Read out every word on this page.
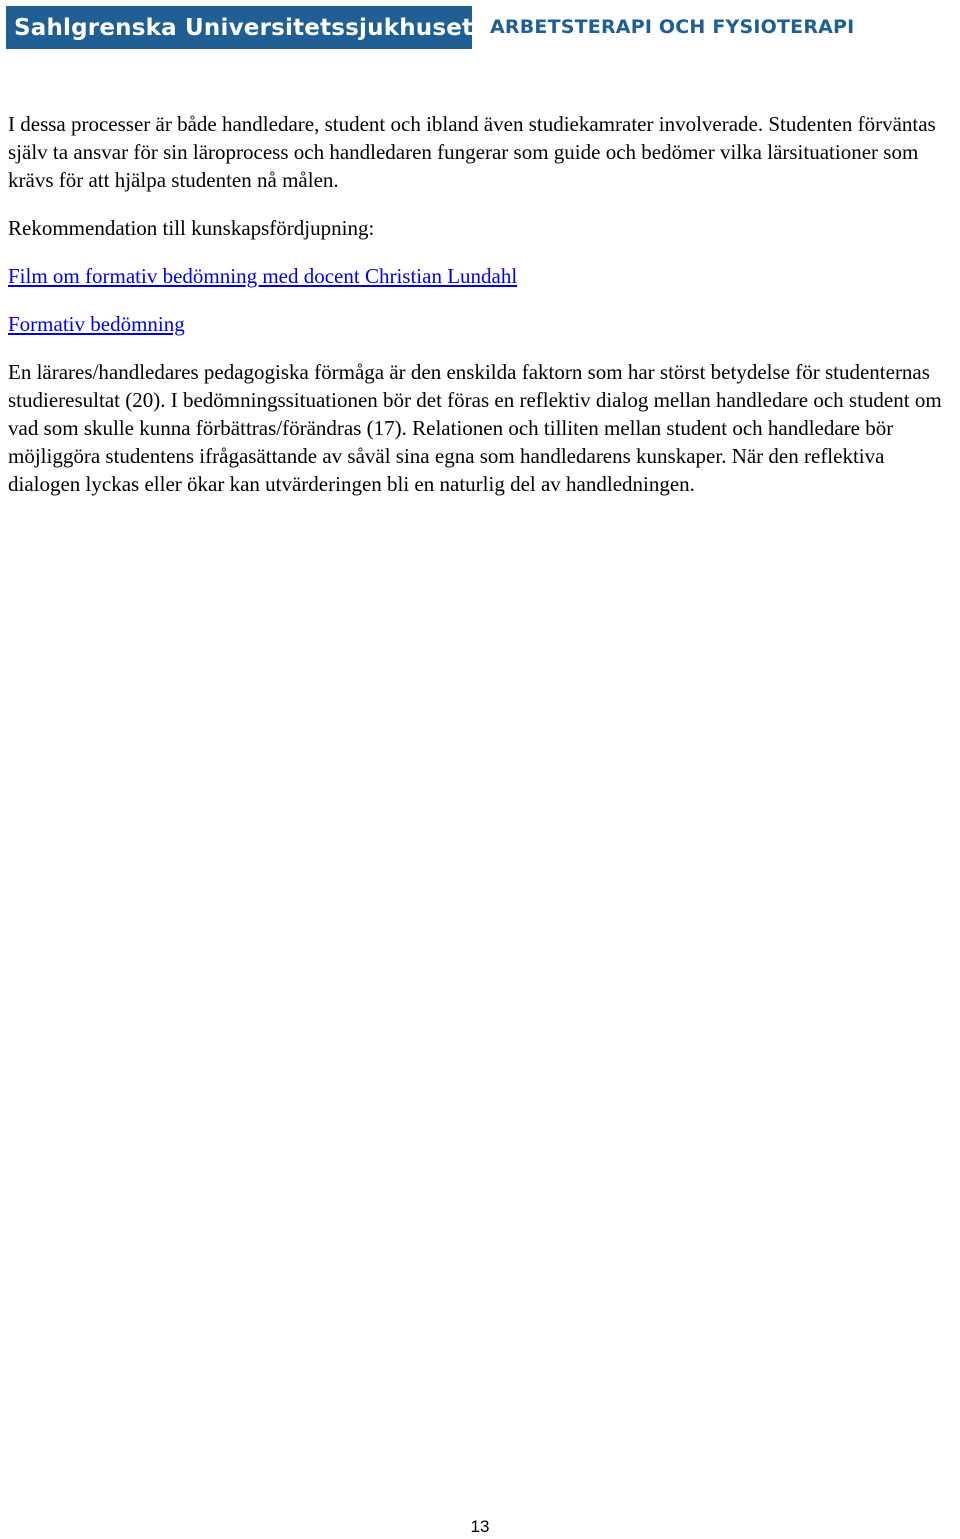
Sahlgrenska Universitetssjukhuset ARBETSTERAPI OCH FYSIOTERAPI

I dessa processer är både handledare, student och ibland även studiekamrater involverade. Studenten förväntas själv ta ansvar för sin läroprocess och handledaren fungerar som guide och bedömer vilka lärsituationer som krävs för att hjälpa studenten nå målen.

Rekommendation till kunskapsfördjupning:

Film om formativ bedömning med docent Christian Lundahl

Formativ bedömning

En lärares/handledares pedagogiska förmåga är den enskilda faktorn som har störst betydelse för studenternas studieresultat (20). I bedömningssituationen bör det föras en reflektiv dialog mellan handledare och student om vad som skulle kunna förbättras/förändras (17). Relationen och tilliten mellan student och handledare bör möjliggöra studentens ifrågasättande av såväl sina egna som handledarens kunskaper. När den reflektiva dialogen lyckas eller ökar kan utvärderingen bli en naturlig del av handledningen.

13
